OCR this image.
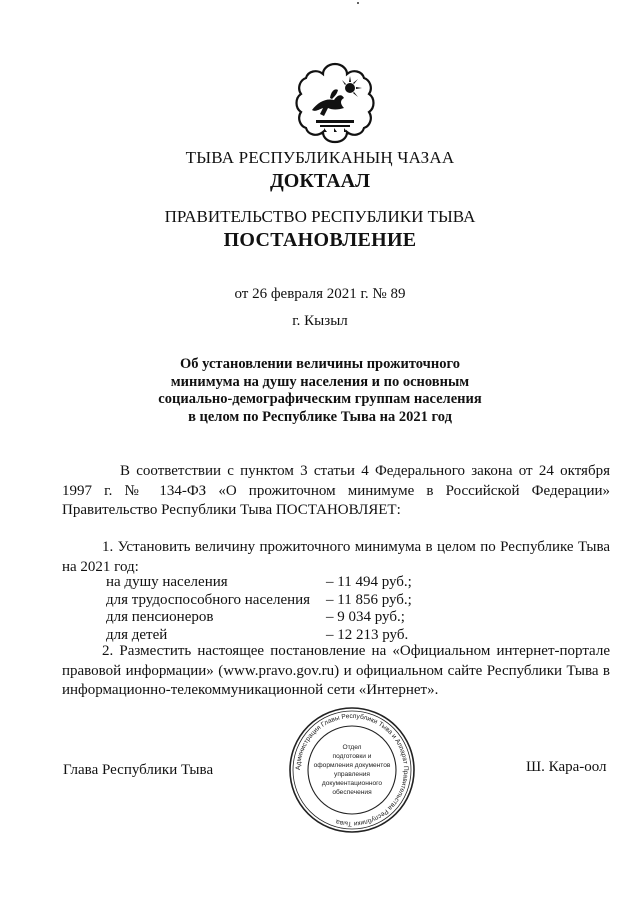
ТЫВА РЕСПУБЛИКАНЫҢ ЧАЗАА
ДОКТААЛ
ПРАВИТЕЛЬСТВО РЕСПУБЛИКИ ТЫВА
ПОСТАНОВЛЕНИЕ
от 26 февраля 2021 г. № 89
г. Кызыл
Об установлении величины прожиточного
минимума на душу населения и по основным
социально-демографическим группам населения
в целом по Республике Тыва на 2021 год
В соответствии с пунктом 3 статьи 4 Федерального закона от 24 октября 1997 г. № 134-ФЗ «О прожиточном минимуме в Российской Федерации» Правительство Республики Тыва ПОСТАНОВЛЯЕТ:
1. Установить величину прожиточного минимума в целом по Республике Тыва на 2021 год:
на душу населения	– 11 494 руб.;
для трудоспособного населения – 11 856 руб.;
для пенсионеров	– 9 034 руб.;
для детей	– 12 213 руб.
2. Разместить настоящее постановление на «Официальном интернет-портале правовой информации» (www.pravo.gov.ru) и официальном сайте Республики Тыва в информационно-телекоммуникационной сети «Интернет».
Администрация Главы Республики Тыва и Аппарат Правительства Республики Тыва
Отдел
подготовки и
оформления документов
управления
документационного
обеспечения
Глава Республики Тывa	Ш. Кара-оол
